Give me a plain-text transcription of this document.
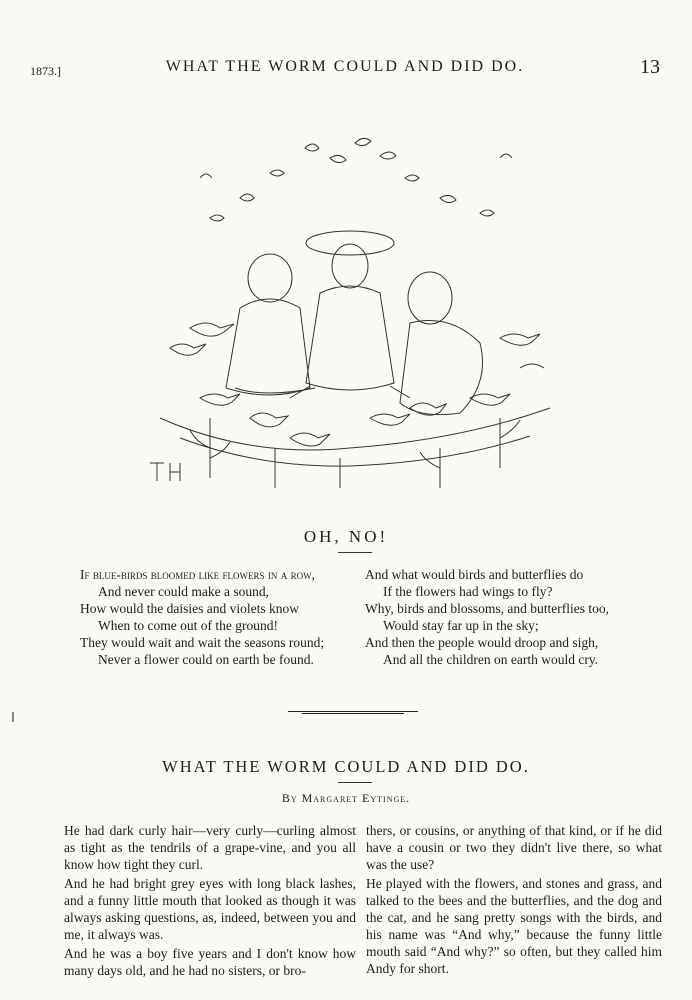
1873.]	WHAT THE WORM COULD AND DID DO.	13
OH, NO!
If blue-birds bloomed like flowers in a row,
And never could make a sound,
How would the daisies and violets know
When to come out of the ground!
They would wait and wait the seasons round;
Never a flower could on earth be found.
And what would birds and butterflies do
If the flowers had wings to fly?
Why, birds and blossoms, and butterflies too,
Would stay far up in the sky;
And then the people would droop and sigh,
And all the children on earth would cry.
WHAT THE WORM COULD AND DID DO.
By Margaret Eytinge.

He had dark curly hair—very curly—curling almost as tight as the tendrils of a grape-vine, and you all know how tight they curl.

And he had bright grey eyes with long black lashes, and a funny little mouth that looked as though it was always asking questions, as, indeed, between you and me, it always was.

And he was a boy five years and I don't know how many days old, and he had no sisters, or bro-

thers, or cousins, or anything of that kind, or if he did have a cousin or two they didn't live there, so what was the use?

He played with the flowers, and stones and grass, and talked to the bees and the butterflies, and the dog and the cat, and he sang pretty songs with the birds, and his name was “And why,” because the funny little mouth said “And why?” so often, but they called him Andy for short.
